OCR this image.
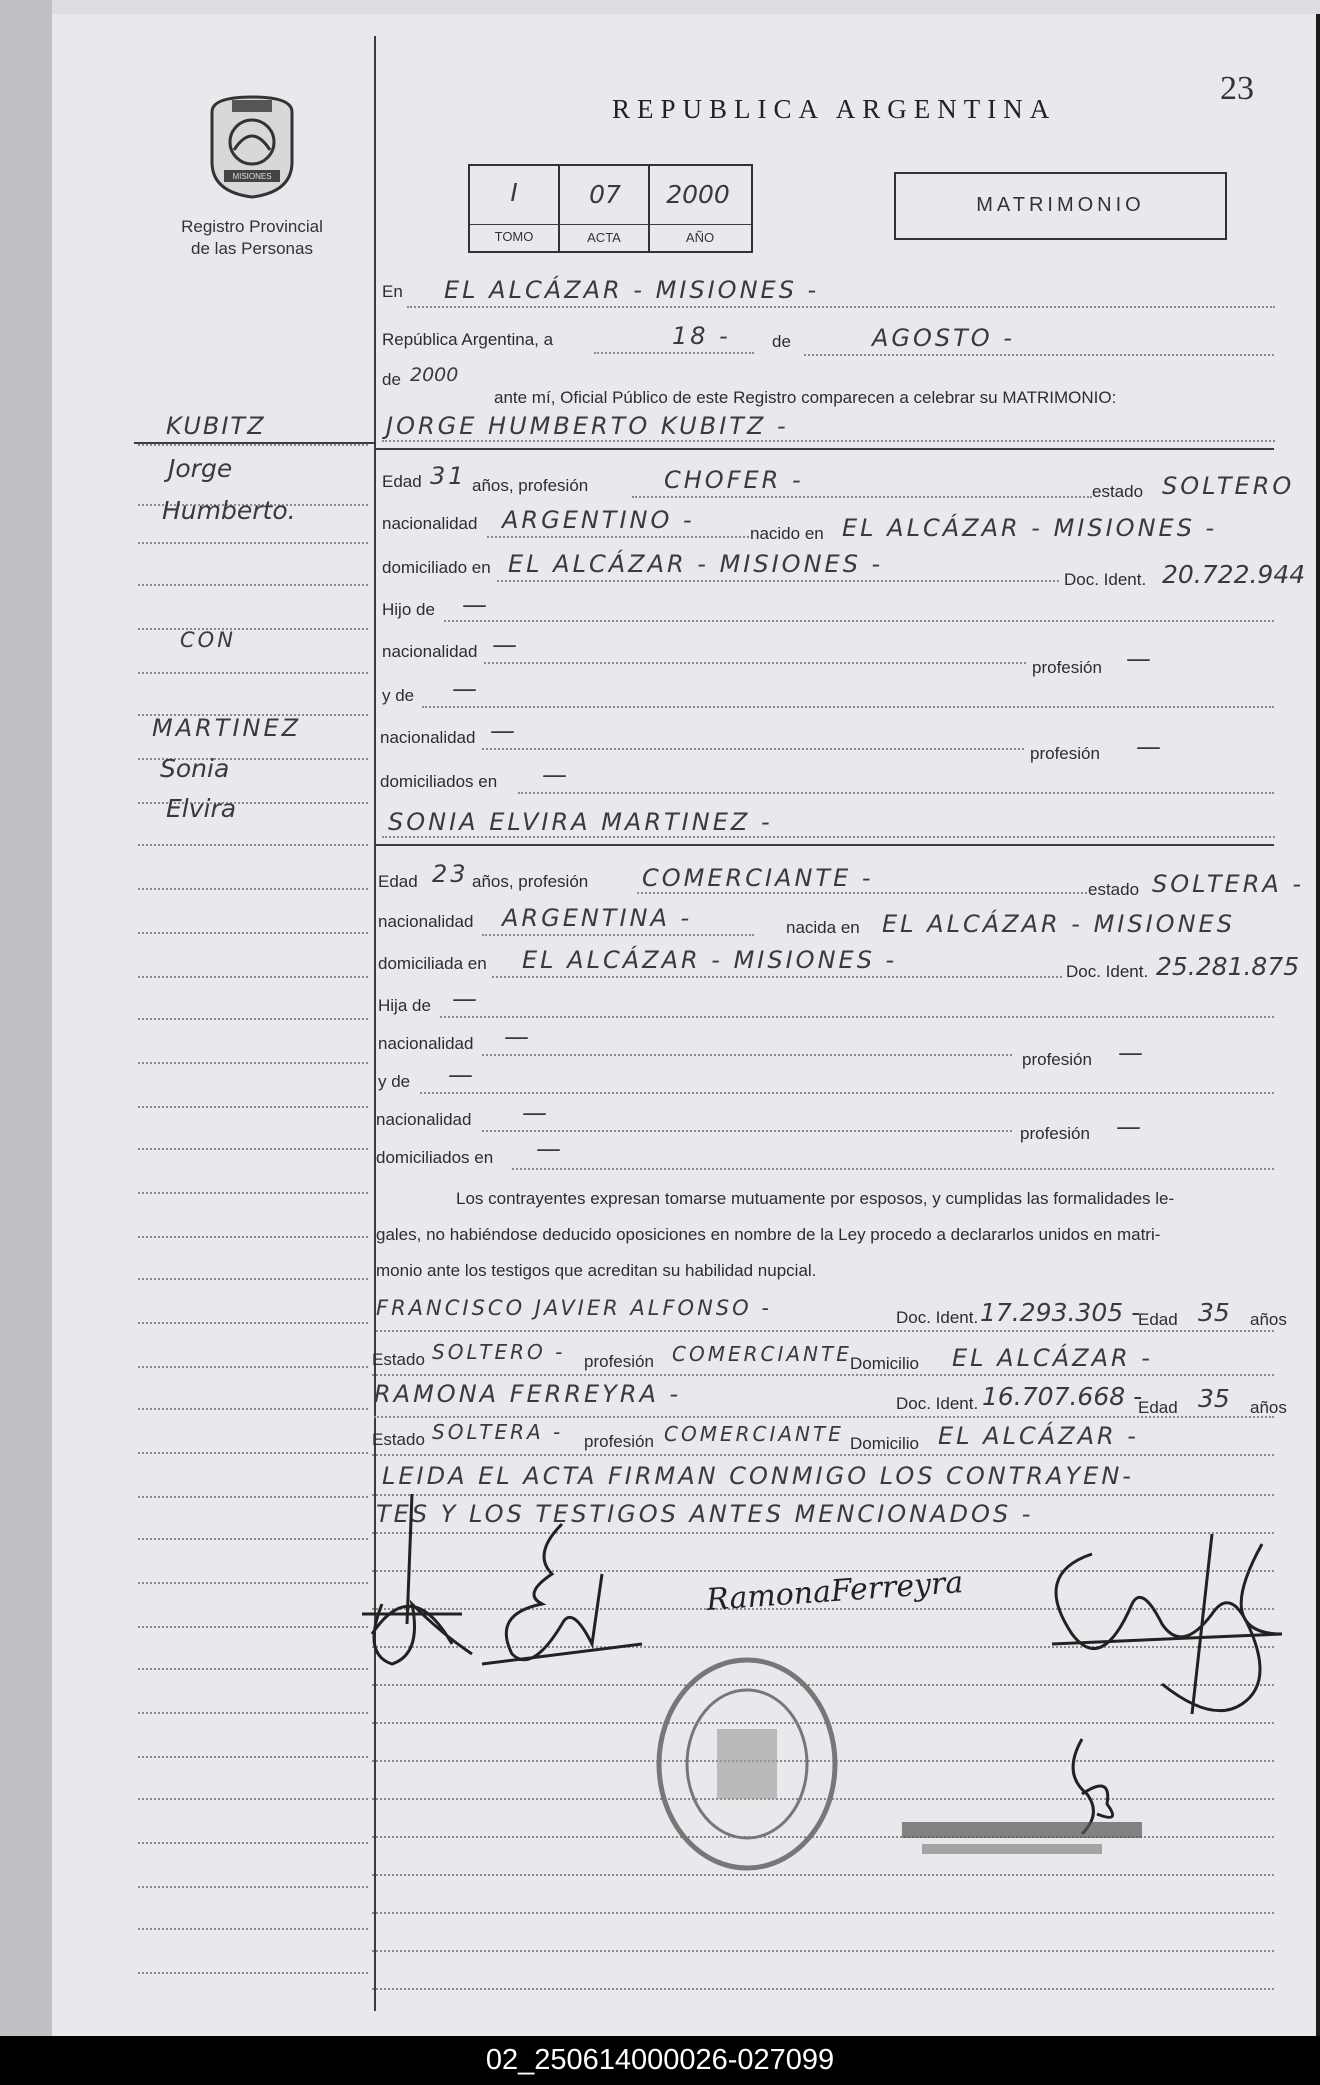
REPUBLICA ARGENTINA
23
MISIONES
Registro Provincial
de las Personas
I	07	2000
TOMO	ACTA	AÑO
MATRIMONIO
En EL ALCÁZAR - MISIONES -
República Argentina, a	18 - de	AGOSTO -
de 2000
ante mí, Oficial Público de este Registro comparecen a celebrar su MATRIMONIO:
JORGE HUMBERTO KUBITZ -
Edad 31 años, profesión	CHOFER -	estado SOLTERO
nacionalidad ARGENTINO -	nacido en EL ALCÁZAR - MISIONES -
domiciliado en EL ALCÁZAR - MISIONES -
Doc. Ident. 20.722.944
Hijo de —
nacionalidad —
profesión —
y de —
nacionalidad —
profesión —
domiciliados en —
SONIA ELVIRA MARTINEZ -
Edad 23 años, profesión COMERCIANTE -	estado SOLTERA -
nacionalidad ARGENTINA -	nacida en EL ALCÁZAR - MISIONES
domiciliada en EL ALCÁZAR - MISIONES -	Doc. Ident. 25.281.875
Hija de —
nacionalidad —
profesión —
y de —
nacionalidad —
profesión —
domiciliados en —
Los contrayentes expresan tomarse mutuamente por esposos, y cumplidas las formalidades le-
gales, no habiéndose deducido oposiciones en nombre de la Ley procedo a declararlos unidos en matri-
monio ante los testigos que acreditan su habilidad nupcial.
FRANCISCO JAVIER ALFONSO -	Doc. Ident. 17.293.305 -
Edad 35 años
Estado SOLTERO - profesión COMERCIANTE
Domicilio EL ALCÁZAR -
RAMONA FERREYRA -	Doc. Ident. 16.707.668 -
Edad 35 años
Estado SOLTERA - profesión COMERCIANTE Domicilio EL ALCÁZAR -
LEIDA EL ACTA FIRMAN CONMIGO LOS CONTRAYEN-
TES Y LOS TESTIGOS ANTES MENCIONADOS -
RamonaFerreyra
KUBITZ
Jorge
Humberto.
CON
MARTINEZ
Sonia
Elvira
02_250614000026-027099
